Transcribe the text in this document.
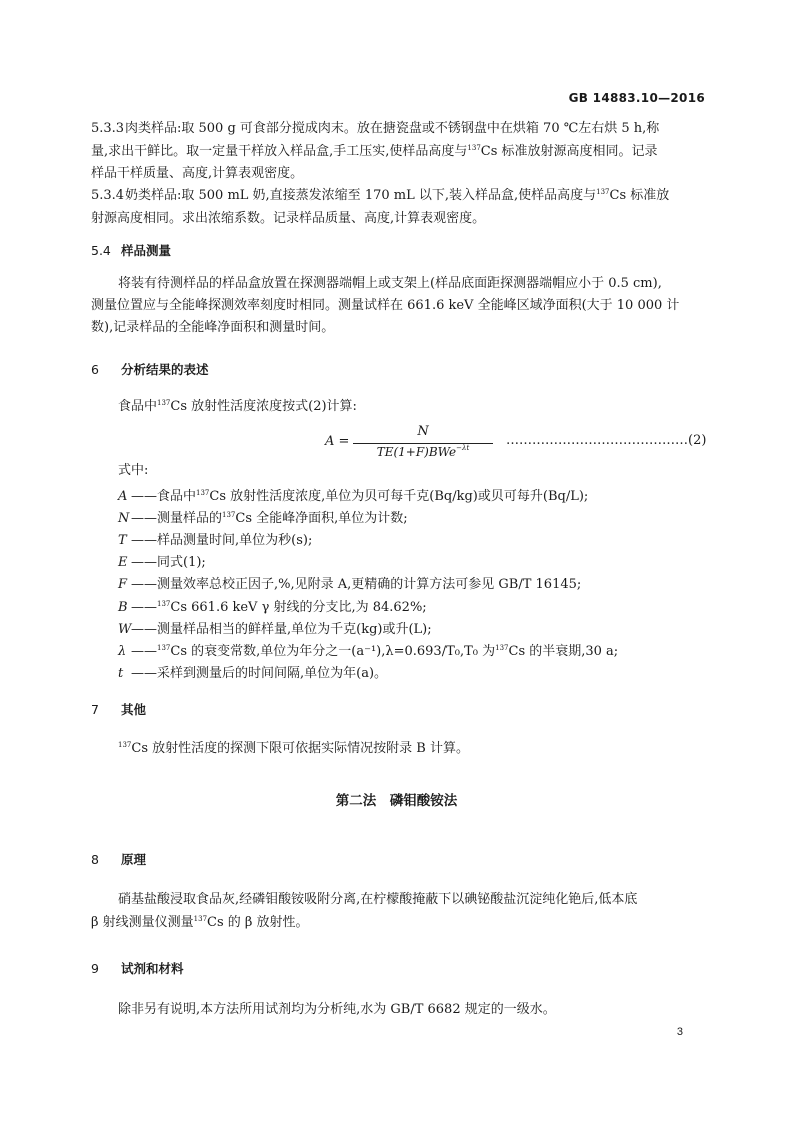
GB 14883.10—2016
5.3.3肉类样品:取 500 g 可食部分搅成肉末。放在搪瓷盘或不锈钢盘中在烘箱 70 ℃左右烘 5 h,称
量,求出干鲜比。取一定量干样放入样品盒,手工压实,使样品高度与$^{137}$Cs 标准放射源高度相同。记录
样品干样质量、高度,计算表观密度。
5.3.4奶类样品:取 500 mL 奶,直接蒸发浓缩至 170 mL 以下,装入样品盒,使样品高度与$^{137}$Cs 标准放
射源高度相同。求出浓缩系数。记录样品质量、高度,计算表观密度。
5.4 样品测量
将装有待测样品的样品盒放置在探测器端帽上或支架上(样品底面距探测器端帽应小于 0.5 cm),
测量位置应与全能峰探测效率刻度时相同。测量试样在 661.6 keV 全能峰区域净面积(大于 10 000 计
数),记录样品的全能峰净面积和测量时间。
6 分析结果的表述
食品中$^{137}$Cs 放射性活度浓度按式(2)计算:
A =
N
TE(1+F)BWe$^{-\lambda t}$	……………………………………(2)
式中:
A ——食品中$^{137}$Cs 放射性活度浓度,单位为贝可每千克(Bq/kg)或贝可每升(Bq/L);
N ——测量样品的$^{137}$Cs 全能峰净面积,单位为计数;
T ——样品测量时间,单位为秒(s);
E ——同式(1);
F ——测量效率总校正因子,%,见附录 A,更精确的计算方法可参见 GB/T 16145;
B ——$^{137}$Cs 661.6 keV γ 射线的分支比,为 84.62%;
W——测量样品相当的鲜样量,单位为千克(kg)或升(L);
λ ——$^{137}$Cs 的衰变常数,单位为年分之一(a⁻¹),λ=0.693/T₀,T₀ 为$^{137}$Cs 的半衰期,30 a;
t ——采样到测量后的时间间隔,单位为年(a)。
7 其他
$^{137}$Cs 放射性活度的探测下限可依据实际情况按附录 B 计算。
第二法　磷钼酸铵法
8 原理
硝基盐酸浸取食品灰,经磷钼酸铵吸附分离,在柠檬酸掩蔽下以碘铋酸盐沉淀纯化铯后,低本底
β 射线测量仪测量$^{137}$Cs 的 β 放射性。
9 试剂和材料
除非另有说明,本方法所用试剂均为分析纯,水为 GB/T 6682 规定的一级水。
3
